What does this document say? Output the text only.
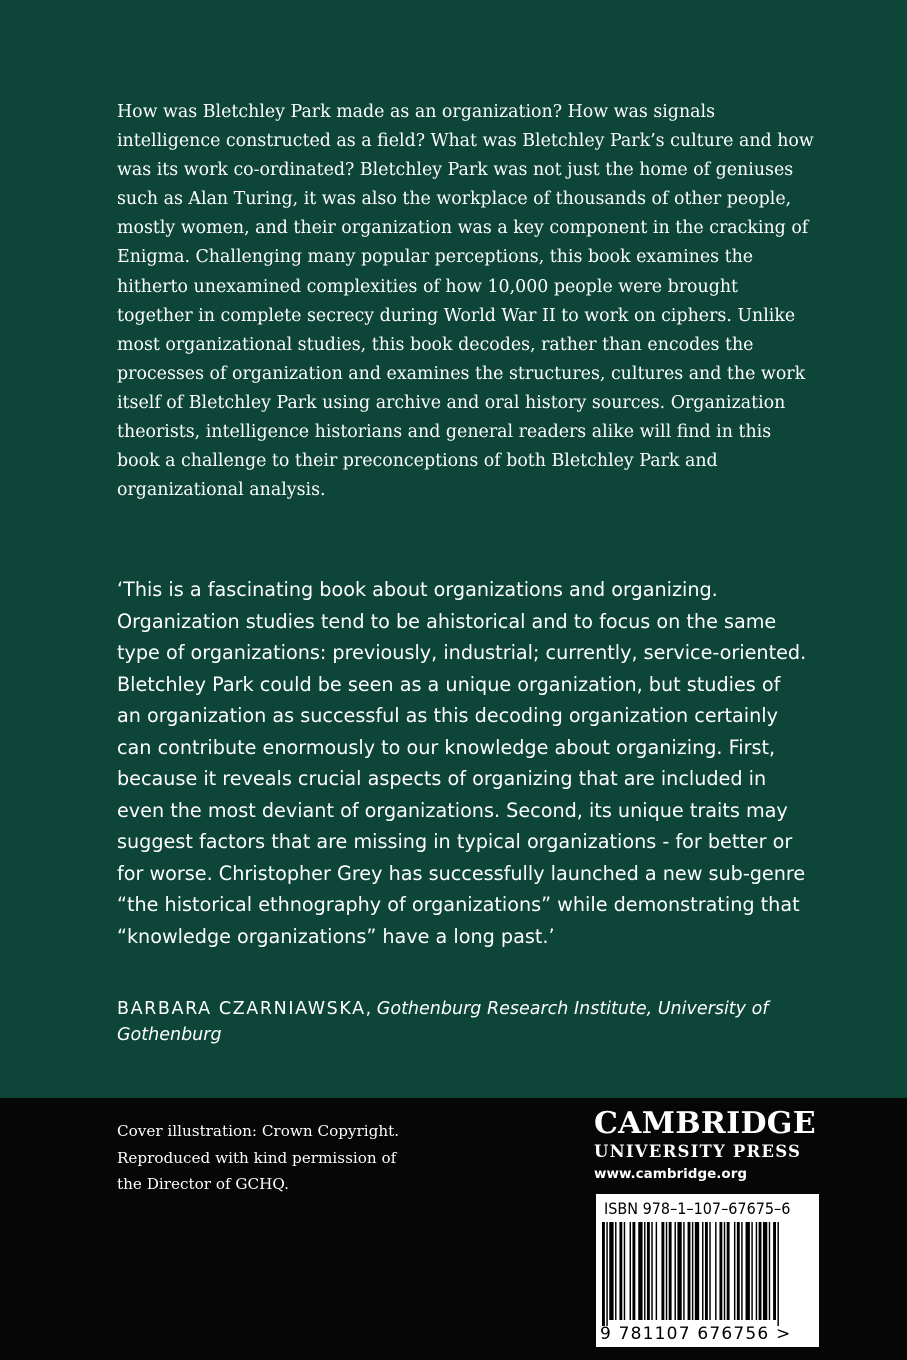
How was Bletchley Park made as an organization? How was signals intelligence constructed as a field? What was Bletchley Park’s culture and how was its work co-ordinated? Bletchley Park was not just the home of geniuses such as Alan Turing, it was also the workplace of thousands of other people, mostly women, and their organization was a key component in the cracking of Enigma. Challenging many popular perceptions, this book examines the hitherto unexamined complexities of how 10,000 people were brought together in complete secrecy during World War II to work on ciphers. Unlike most organizational studies, this book decodes, rather than encodes the processes of organization and examines the structures, cultures and the work itself of Bletchley Park using archive and oral history sources. Organization theorists, intelligence historians and general readers alike will find in this book a challenge to their preconceptions of both Bletchley Park and organizational analysis.

‘This is a fascinating book about organizations and organizing. Organization studies tend to be ahistorical and to focus on the same type of organizations: previously, industrial; currently, service-oriented. Bletchley Park could be seen as a unique organization, but studies of an organization as successful as this decoding organization certainly can contribute enormously to our knowledge about organizing. First, because it reveals crucial aspects of organizing that are included in even the most deviant of organizations. Second, its unique traits may suggest factors that are missing in typical organizations - for better or for worse. Christopher Grey has successfully launched a new sub-genre “the historical ethnography of organizations” while demonstrating that “knowledge organizations” have a long past.’

BARBARA CZARNIAWSKA, Gothenburg Research Institute, University of Gothenburg

Cover illustration: Crown Copyright.
Reproduced with kind permission of
the Director of GCHQ.

CAMBRIDGE
UNIVERSITY PRESS
www.cambridge.org
ISBN 978–1–107–67675–6
9 781107 676756 >
